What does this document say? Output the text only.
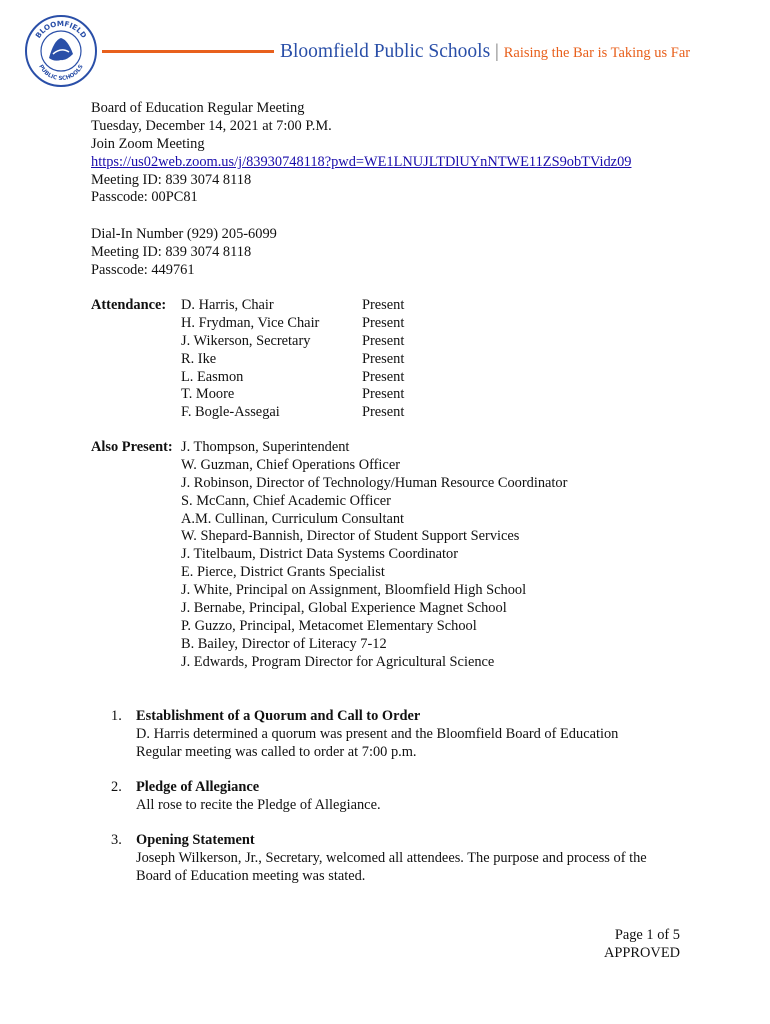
BLOOMFIELD
PUBLIC SCHOOLS
Bloomfield Public Schools | Raising the Bar is Taking us Far
Board of Education Regular Meeting
Tuesday, December 14, 2021 at 7:00 P.M.
Join Zoom Meeting
https://us02web.zoom.us/j/83930748118?pwd=WE1LNUJLTDlUYnNTWE11ZS9obTVidz09
Meeting ID: 839 3074 8118
Passcode: 00PC81
Dial-In Number (929) 205-6099
Meeting ID: 839 3074 8118
Passcode: 449761
Attendance: D. Harris, Chair
H. Frydman, Vice Chair
J. Wikerson, Secretary
R. Ike
L. Easmon
T. Moore
F. Bogle-Assegai
Present
Present
Present
Present
Present
Present
Present
Also Present: J. Thompson, Superintendent
W. Guzman, Chief Operations Officer
J. Robinson, Director of Technology/Human Resource Coordinator
S. McCann, Chief Academic Officer
A.M. Cullinan, Curriculum Consultant
W. Shepard-Bannish, Director of Student Support Services
J. Titelbaum, District Data Systems Coordinator
E. Pierce, District Grants Specialist
J. White, Principal on Assignment, Bloomfield High School
J. Bernabe, Principal, Global Experience Magnet School
P. Guzzo, Principal, Metacomet Elementary School
B. Bailey, Director of Literacy 7-12
J. Edwards, Program Director for Agricultural Science
1. Establishment of a Quorum and Call to Order
D. Harris determined a quorum was present and the Bloomfield Board of Education
Regular meeting was called to order at 7:00 p.m.
2. Pledge of Allegiance
All rose to recite the Pledge of Allegiance.
3. Opening Statement
Joseph Wilkerson, Jr., Secretary, welcomed all attendees. The purpose and process of the
Board of Education meeting was stated.
Page 1 of 5
APPROVED
